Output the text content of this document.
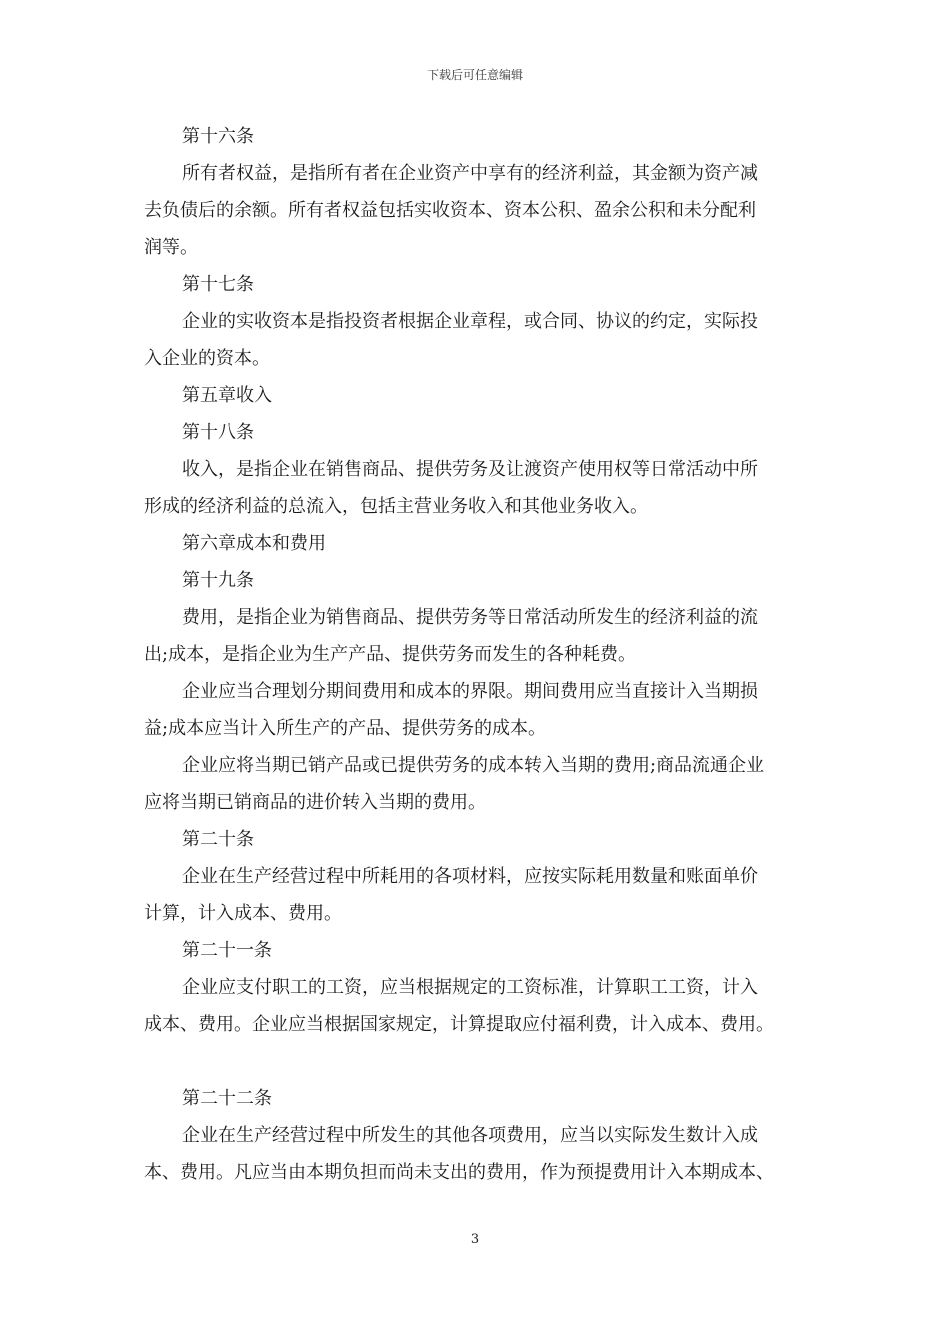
下载后可任意编辑
第十六条
所有者权益，是指所有者在企业资产中享有的经济利益，其金额为资产减
去负债后的余额。所有者权益包括实收资本、资本公积、盈余公积和未分配利
润等。
第十七条
企业的实收资本是指投资者根据企业章程，或合同、协议的约定，实际投
入企业的资本。
第五章收入
第十八条
收入，是指企业在销售商品、提供劳务及让渡资产使用权等日常活动中所
形成的经济利益的总流入，包括主营业务收入和其他业务收入。
第六章成本和费用
第十九条
费用，是指企业为销售商品、提供劳务等日常活动所发生的经济利益的流
出;成本，是指企业为生产产品、提供劳务而发生的各种耗费。
企业应当合理划分期间费用和成本的界限。期间费用应当直接计入当期损
益;成本应当计入所生产的产品、提供劳务的成本。
企业应将当期已销产品或已提供劳务的成本转入当期的费用;商品流通企业
应将当期已销商品的进价转入当期的费用。
第二十条
企业在生产经营过程中所耗用的各项材料，应按实际耗用数量和账面单价
计算，计入成本、费用。
第二十一条
企业应支付职工的工资，应当根据规定的工资标准，计算职工工资，计入
成本、费用。企业应当根据国家规定，计算提取应付福利费，计入成本、费用。
第二十二条
企业在生产经营过程中所发生的其他各项费用，应当以实际发生数计入成
本、费用。凡应当由本期负担而尚未支出的费用，作为预提费用计入本期成本、
3
